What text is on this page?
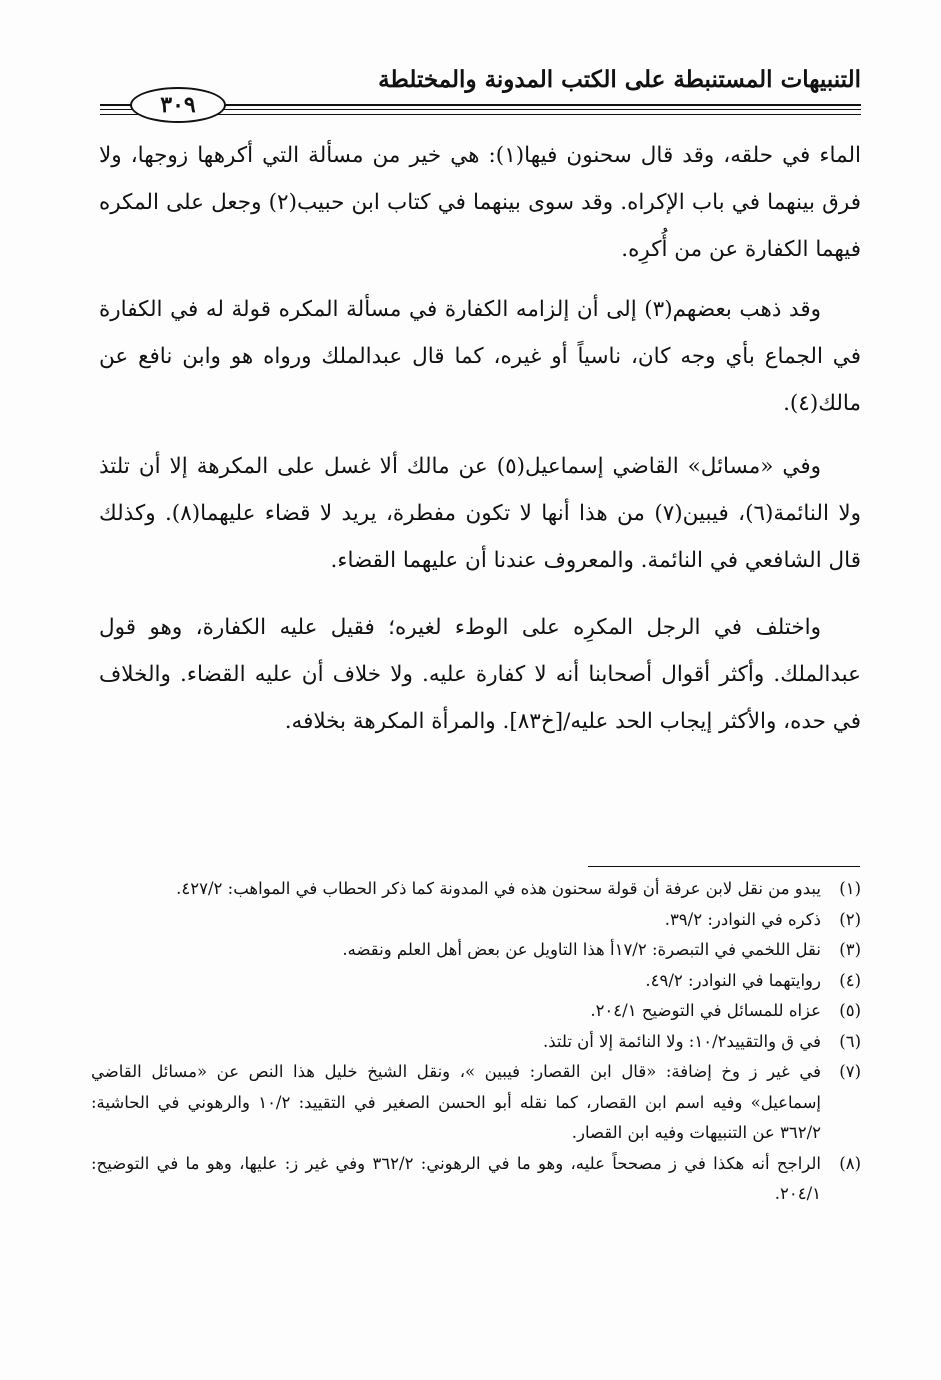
التنبيهات المستنبطة على الكتب المدونة والمختلطة
٣٠٩

الماء في حلقه، وقد قال سحنون فيها(١): هي خير من مسألة التي أكرهها زوجها، ولا فرق بينهما في باب الإكراه. وقد سوى بينهما في كتاب ابن حبيب(٢) وجعل على المكره فيهما الكفارة عن من أُكرِه.

وقد ذهب بعضهم(٣) إلى أن إلزامه الكفارة في مسألة المكره قولة له في الكفارة في الجماع بأي وجه كان، ناسياً أو غيره، كما قال عبدالملك ورواه هو وابن نافع عن مالك(٤).

وفي «مسائل» القاضي إسماعيل(٥) عن مالك ألا غسل على المكرهة إلا أن تلتذ ولا النائمة(٦)، فيبين(٧) من هذا أنها لا تكون مفطرة، يريد لا قضاء عليهما(٨). وكذلك قال الشافعي في النائمة. والمعروف عندنا أن عليهما القضاء.

واختلف في الرجل المكرِه على الوطء لغيره؛ فقيل عليه الكفارة، وهو قول عبدالملك. وأكثر أقوال أصحابنا أنه لا كفارة عليه. ولا خلاف أن عليه القضاء. والخلاف في حده، والأكثر إيجاب الحد عليه/[خ٨٣]. والمرأة المكرهة بخلافه.

(١)
يبدو من نقل لابن عرفة أن قولة سحنون هذه في المدونة كما ذكر الحطاب في المواهب: ٤٢٧/٢.
(٢)
ذكره في النوادر: ٣٩/٢.
(٣)
نقل اللخمي في التبصرة: ١٧/٢أ هذا التاويل عن بعض أهل العلم ونقضه.
(٤)
روايتهما في النوادر: ٤٩/٢.
(٥)
عزاه للمسائل في التوضيح ٢٠٤/١.
(٦)
في ق والتقييد١٠/٢: ولا النائمة إلا أن تلتذ.
(٧)
في غير ز وخ إضافة: «قال ابن القصار: فيبين »، ونقل الشيخ خليل هذا النص عن «مسائل القاضي إسماعيل» وفيه اسم ابن القصار، كما نقله أبو الحسن الصغير في التقييد: ١٠/٢ والرهوني في الحاشية: ٣٦٢/٢ عن التنبيهات وفيه ابن القصار.
(٨)
الراجح أنه هكذا في ز مصححاً عليه، وهو ما في الرهوني: ٣٦٢/٢ وفي غير ز: عليها، وهو ما في التوضيح: ٢٠٤/١.
